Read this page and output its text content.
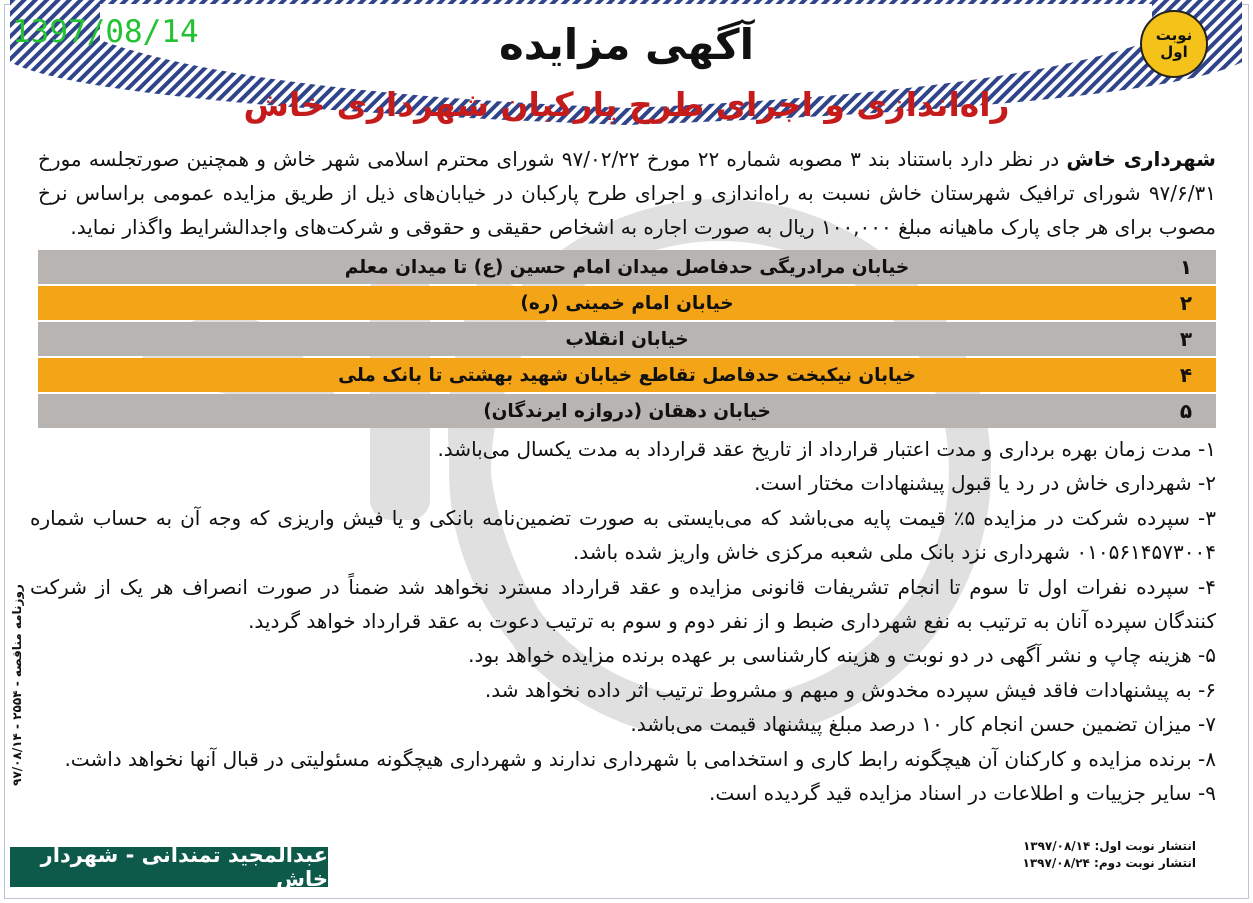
1397/08/14	نوبت
اول
آگهی مزایده
راه‌اندازی و اجرای طرح پارکبان شهرداری خاش
شهرداری خاش در نظر دارد باستناد بند ۳ مصوبه شماره ۲۲ مورخ ۹۷/۰۲/۲۲ شورای محترم اسلامی شهر خاش و همچنین صورتجلسه مورخ ۹۷/۶/۳۱ شورای ترافیک شهرستان خاش نسبت به راه‌اندازی و اجرای طرح پارکبان در خیابان‌های ذیل از طریق مزایده عمومی براساس نرخ مصوب برای هر جای پارک ماهیانه مبلغ ۱۰۰,۰۰۰ ریال به صورت اجاره به اشخاص حقیقی و حقوقی و شرکت‌های واجدالشرایط واگذار نماید.
۱
خیابان مرادریگی حدفاصل میدان امام حسین (ع) تا میدان معلم
۲
خیابان امام خمینی (ره)
۳
خیابان انقلاب
۴
خیابان نیکبخت حدفاصل تقاطع خیابان شهید بهشتی تا بانک ملی
۵
خیابان دهقان (دروازه ایرندگان)

۱- مدت زمان بهره برداری و مدت اعتبار قرارداد از تاریخ عقد قرارداد به مدت یکسال می‌باشد.

۲- شهرداری خاش در رد یا قبول پیشنهادات مختار است.

۳- سپرده شرکت در مزایده ۵٪ قیمت پایه می‌باشد که می‌بایستی به صورت تضمین‌نامه بانکی و یا فیش واریزی که وجه آن به حساب شماره ۰۱۰۵۶۱۴۵۷۳۰۰۴ شهرداری نزد بانک ملی شعبه مرکزی خاش واریز شده باشد.

۴- سپرده نفرات اول تا سوم تا انجام تشریفات قانونی مزایده و عقد قرارداد مسترد نخواهد شد ضمناً در صورت انصراف هر یک از شرکت کنندگان سپرده آنان به ترتیب به نفع شهرداری ضبط و از نفر دوم و سوم به ترتیب دعوت به عقد قرارداد خواهد گردید.

۵- هزینه چاپ و نشر آگهی در دو نوبت و هزینه کارشناسی بر عهده برنده مزایده خواهد بود.

۶- به پیشنهادات فاقد فیش سپرده مخدوش و مبهم و مشروط ترتیب اثر داده نخواهد شد.

۷- میزان تضمین حسن انجام کار ۱۰ درصد مبلغ پیشنهاد قیمت می‌باشد.

۸- برنده مزایده و کارکنان آن هیچگونه رابط کاری و استخدامی با شهرداری ندارند و شهرداری هیچگونه مسئولیتی در قبال آنها نخواهد داشت.

۹- سایر جزییات و اطلاعات در اسناد مزایده قید گردیده است.

انتشار نوبت اول: ۱۳۹۷/۰۸/۱۴
انتشار نوبت دوم: ۱۳۹۷/۰۸/۲۴
عبدالمجید تمندانی - شهردار خاش
روزنامه مناقصه - ۲۵۵۴ - ۹۷/۰۸/۱۴
